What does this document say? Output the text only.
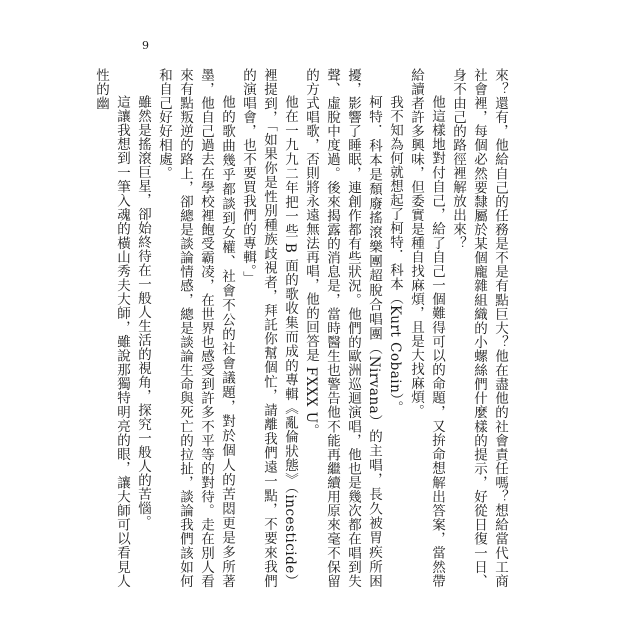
9

來？還有，他給自己的任務是不是有點巨大？他在盡他的社會責任嗎？想給當代工商社會裡，每個必然要隸屬於某個龐雜組織的小螺絲們什麼樣的提示，好從日復一日、身不由己的路徑裡解放出來？

他這樣地對付自己，給了自己一個難得可以的命題，又拚命想解出答案，當然帶給讀者許多興味，但委實是種自找麻煩，且是大找麻煩。

我不知為何就想起了柯特．科本（Kurt Cobain）。

柯特．科本是頹廢搖滾樂團超脫合唱團（Nirvana）的主唱，長久被胃疾所困擾，影響了睡眠，連創作都有些狀況。他們的歐洲巡迴演唱，他也是幾次都在唱到失聲、虛脫中度過。後來揭露的消息是，當時醫生也警告他不能再繼續用原來毫不保留的方式唱歌，否則將永遠無法再唱，他的回答是 FXXX U。

他在一九九二年把一些 B 面的歌收集而成的專輯《亂倫狀態》（incesticide）裡提到，「如果你是性別種族歧視者，拜託你幫個忙，請離我們遠一點，不要來我們的演唱會，也不要買我們的專輯。」

他的歌曲幾乎都談到女權、社會不公的社會議題，對於個人的苦悶更是多所著墨，他自己過去在學校裡飽受霸凌，在世界也感受到許多不平等的對待。走在別人看來有點叛逆的路上，卻總是談論情感，總是談論生命與死亡的拉扯，談論我們該如何和自己好好相處。

雖然是搖滾巨星，卻始終待在一般人生活的視角，探究一般人的苦惱。

這讓我想到一筆入魂的橫山秀夫大師，雖說那獨特明亮的眼，讓大師可以看見人性的幽
